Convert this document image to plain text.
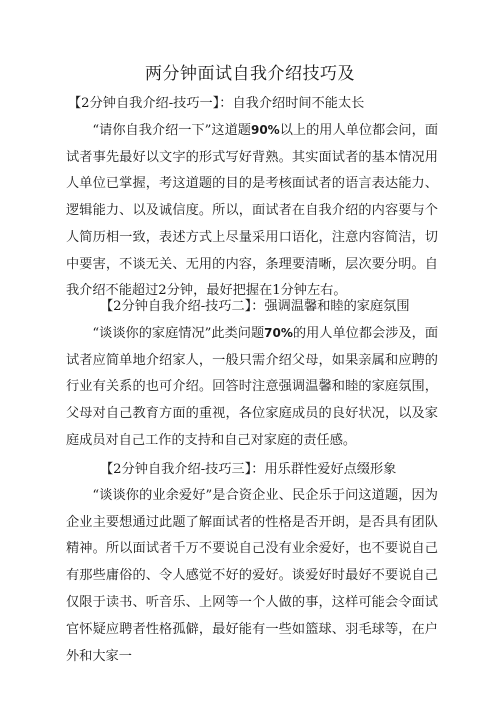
两分钟面试自我介绍技巧及
【2分钟自我介绍-技巧一】：自我介绍时间不能太长

“请你自我介绍一下”这道题90%以上的用人单位都会问，面试者事先最好以文字的形式写好背熟。其实面试者的基本情况用人单位已掌握，考这道题的目的是考核面试者的语言表达能力、逻辑能力、以及诚信度。所以，面试者在自我介绍的内容要与个人简历相一致，表述方式上尽量采用口语化，注意内容简洁，切中要害，不谈无关、无用的内容，条理要清晰，层次要分明。自我介绍不能超过2分钟，最好把握在1分钟左右。

【2分钟自我介绍-技巧二】：强调温馨和睦的家庭氛围

“谈谈你的家庭情况”此类问题70%的用人单位都会涉及，面试者应简单地介绍家人，一般只需介绍父母，如果亲属和应聘的行业有关系的也可介绍。回答时注意强调温馨和睦的家庭氛围，父母对自己教育方面的重视，各位家庭成员的良好状况，以及家庭成员对自己工作的支持和自己对家庭的责任感。

【2分钟自我介绍-技巧三】：用乐群性爱好点缀形象

“谈谈你的业余爱好”是合资企业、民企乐于问这道题，因为企业主要想通过此题了解面试者的性格是否开朗，是否具有团队精神。所以面试者千万不要说自己没有业余爱好，也不要说自己有那些庸俗的、令人感觉不好的爱好。谈爱好时最好不要说自己仅限于读书、听音乐、上网等一个人做的事，这样可能会令面试官怀疑应聘者性格孤僻，最好能有一些如篮球、羽毛球等，在户外和大家一
